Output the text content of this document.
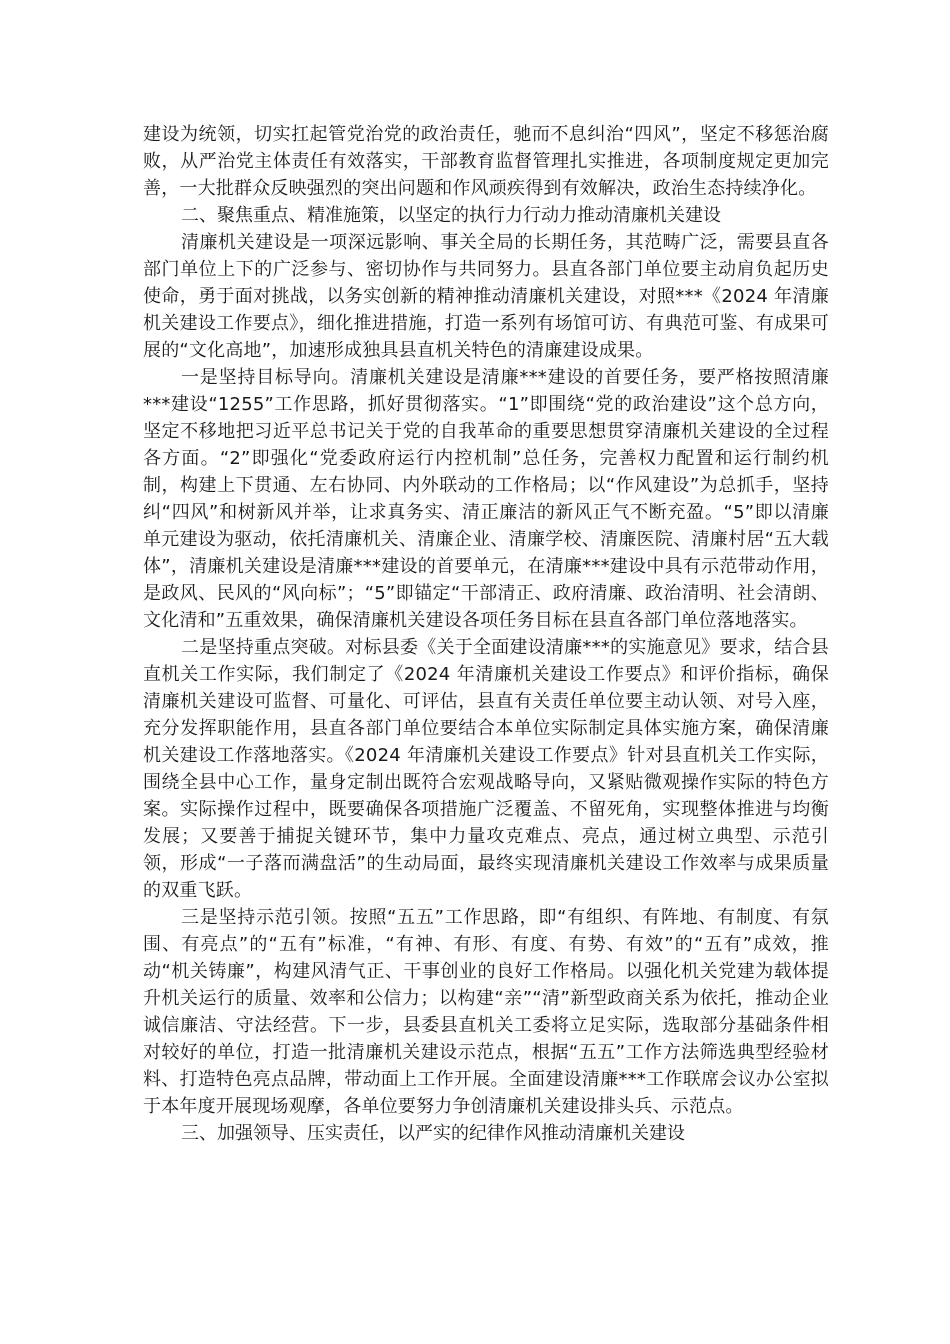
建设为统领，切实扛起管党治党的政治责任，驰而不息纠治“四风”，坚定不移惩治腐败，从严治党主体责任有效落实，干部教育监督管理扎实推进，各项制度规定更加完善，一大批群众反映强烈的突出问题和作风顽疾得到有效解决，政治生态持续净化。

二、聚焦重点、精准施策，以坚定的执行力行动力推动清廉机关建设

清廉机关建设是一项深远影响、事关全局的长期任务，其范畴广泛，需要县直各部门单位上下的广泛参与、密切协作与共同努力。县直各部门单位要主动肩负起历史使命，勇于面对挑战，以务实创新的精神推动清廉机关建设，对照***《2024 年清廉机关建设工作要点》，细化推进措施，打造一系列有场馆可访、有典范可鉴、有成果可展的“文化高地”，加速形成独具县直机关特色的清廉建设成果。

一是坚持目标导向。清廉机关建设是清廉***建设的首要任务，要严格按照清廉***建设“1255”工作思路，抓好贯彻落实。“1”即围绕“党的政治建设”这个总方向，坚定不移地把习近平总书记关于党的自我革命的重要思想贯穿清廉机关建设的全过程各方面。“2”即强化“党委政府运行内控机制”总任务，完善权力配置和运行制约机制，构建上下贯通、左右协同、内外联动的工作格局；以“作风建设”为总抓手，坚持纠“四风”和树新风并举，让求真务实、清正廉洁的新风正气不断充盈。“5”即以清廉单元建设为驱动，依托清廉机关、清廉企业、清廉学校、清廉医院、清廉村居“五大载体”，清廉机关建设是清廉***建设的首要单元，在清廉***建设中具有示范带动作用，是政风、民风的“风向标”；“5”即锚定“干部清正、政府清廉、政治清明、社会清朗、文化清和”五重效果，确保清廉机关建设各项任务目标在县直各部门单位落地落实。

二是坚持重点突破。对标县委《关于全面建设清廉***的实施意见》要求，结合县直机关工作实际，我们制定了《2024 年清廉机关建设工作要点》和评价指标，确保清廉机关建设可监督、可量化、可评估，县直有关责任单位要主动认领、对号入座，充分发挥职能作用，县直各部门单位要结合本单位实际制定具体实施方案，确保清廉机关建设工作落地落实。《2024 年清廉机关建设工作要点》针对县直机关工作实际，围绕全县中心工作，量身定制出既符合宏观战略导向，又紧贴微观操作实际的特色方案。实际操作过程中，既要确保各项措施广泛覆盖、不留死角，实现整体推进与均衡发展；又要善于捕捉关键环节，集中力量攻克难点、亮点，通过树立典型、示范引领，形成“一子落而满盘活”的生动局面，最终实现清廉机关建设工作效率与成果质量的双重飞跃。

三是坚持示范引领。按照“五五”工作思路，即“有组织、有阵地、有制度、有氛围、有亮点”的“五有”标准，“有神、有形、有度、有势、有效”的“五有”成效，推动“机关铸廉”，构建风清气正、干事创业的良好工作格局。以强化机关党建为载体提升机关运行的质量、效率和公信力；以构建“亲”“清”新型政商关系为依托，推动企业诚信廉洁、守法经营。下一步，县委县直机关工委将立足实际，选取部分基础条件相对较好的单位，打造一批清廉机关建设示范点，根据“五五”工作方法筛选典型经验材料、打造特色亮点品牌，带动面上工作开展。全面建设清廉***工作联席会议办公室拟于本年度开展现场观摩，各单位要努力争创清廉机关建设排头兵、示范点。

三、加强领导、压实责任，以严实的纪律作风推动清廉机关建设
